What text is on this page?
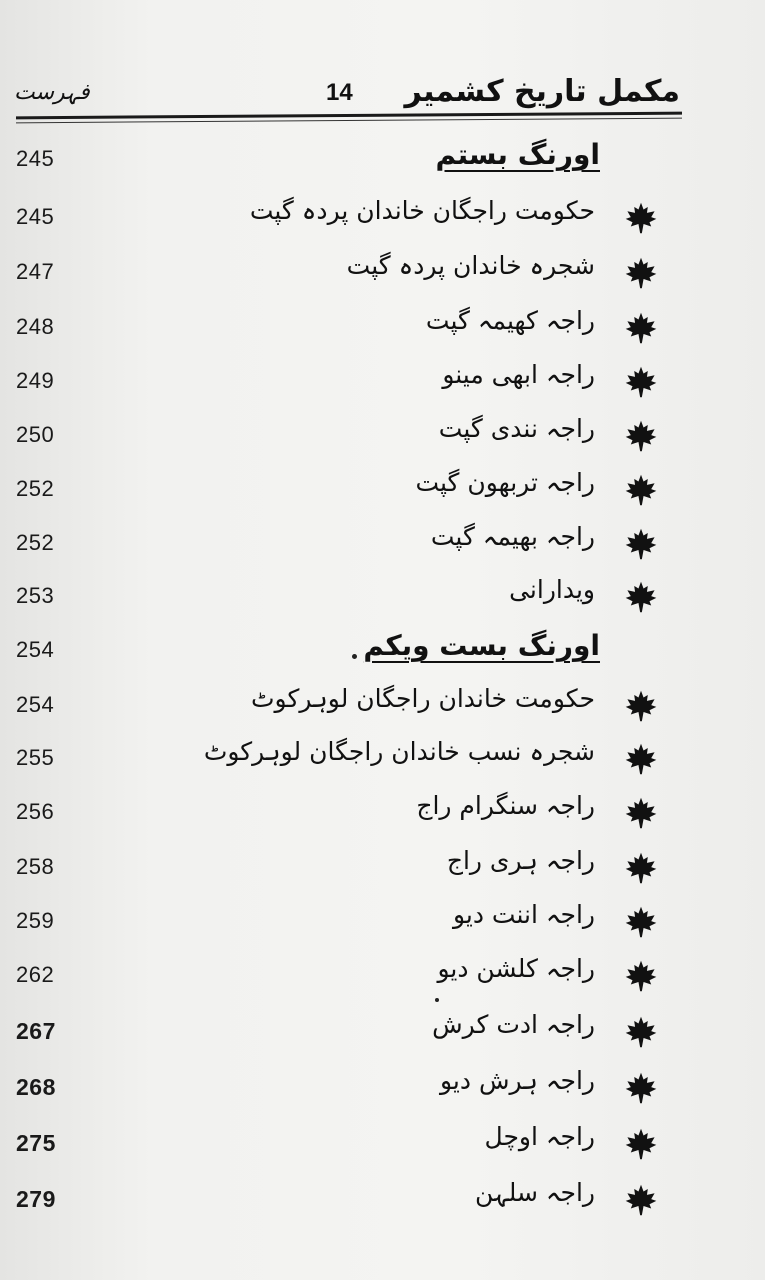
مکمل تاریخ کشمیر
14
فہرست
245	اورنگ بستم
245	حکومت راجگان خاندان پردہ گپت
247	شجرہ خاندان پردہ گپت
248	راجہ کھیمہ گپت
249	راجہ ابھی مینو
250	راجہ نندی گپت
252	راجہ تربھون گپت
252	راجہ بھیمہ گپت
253	ویدارانی
254	اورنگ بست ویکم
254	حکومت خاندان راجگان لوہرکوٹ
255	شجرہ نسب خاندان راجگان لوہرکوٹ
256	راجہ سنگرام راج
258	راجہ ہری راج
259	راجہ اننت دیو
262	راجہ کلشن دیو
267	راجہ ادت کرش
268	راجہ ہرش دیو
275	راجہ اوچل
279	راجہ سلہن
